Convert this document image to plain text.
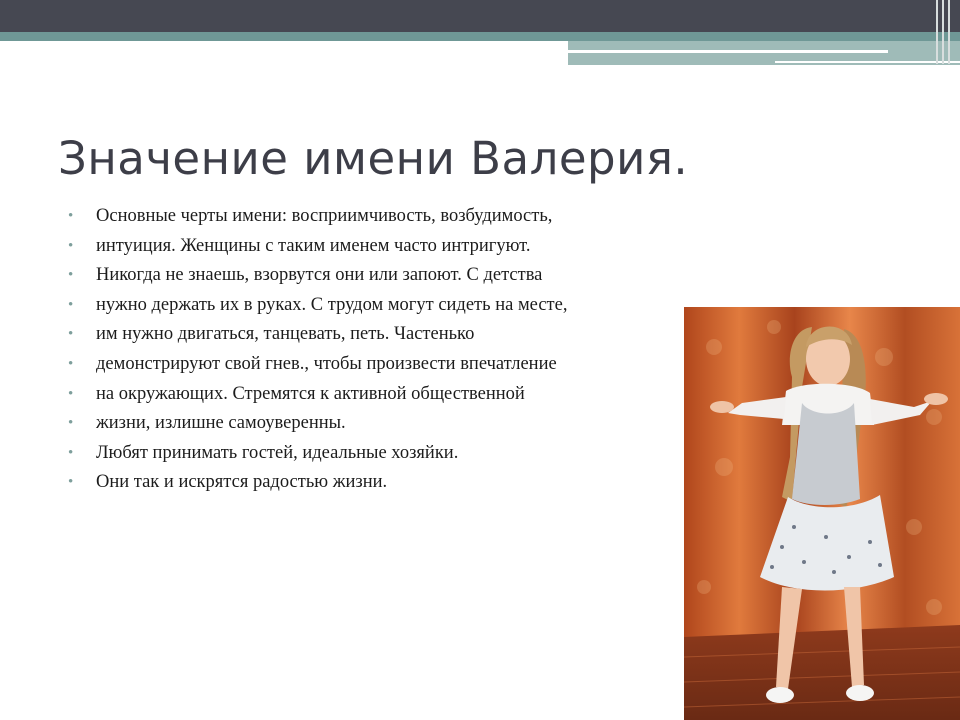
Значение имени Валерия.
• Основные черты имени: восприимчивость, возбудимость,
• интуиция. Женщины с таким именем часто интригуют.
• Никогда не знаешь, взорвутся они или запоют. С детства
• нужно держать их в руках. С трудом могут сидеть на месте,
• им нужно двигаться, танцевать, петь. Частенько
• демонстрируют свой гнев., чтобы произвести впечатление
• на окружающих. Стремятся к активной общественной
• жизни, излишне самоуверенны.
• Любят принимать гостей, идеальные хозяйки.
• Они так и искрятся радостью жизни.
